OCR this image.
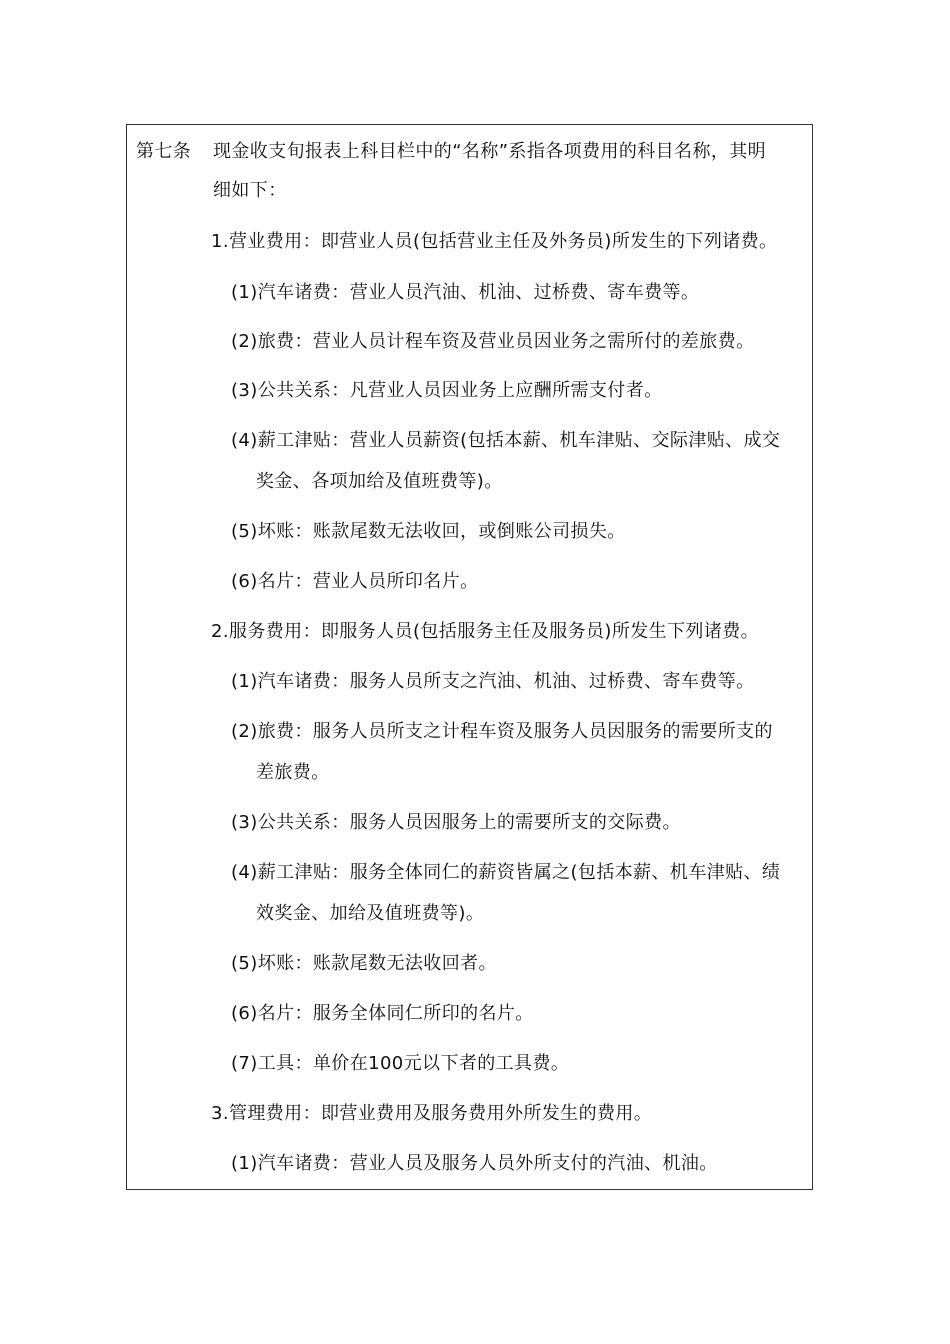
第七条 现金收支旬报表上科目栏中的“名称”系指各项费用的科目名称，其明
细如下：
1.营业费用：即营业人员(包括营业主任及外务员)所发生的下列诸费。
(1)汽车诸费：营业人员汽油、机油、过桥费、寄车费等。
(2)旅费：营业人员计程车资及营业员因业务之需所付的差旅费。
(3)公共关系：凡营业人员因业务上应酬所需支付者。
(4)薪工津贴：营业人员薪资(包括本薪、机车津贴、交际津贴、成交
奖金、各项加给及值班费等)。
(5)坏账：账款尾数无法收回，或倒账公司损失。
(6)名片：营业人员所印名片。
2.服务费用：即服务人员(包括服务主任及服务员)所发生下列诸费。
(1)汽车诸费：服务人员所支之汽油、机油、过桥费、寄车费等。
(2)旅费：服务人员所支之计程车资及服务人员因服务的需要所支的
差旅费。
(3)公共关系：服务人员因服务上的需要所支的交际费。
(4)薪工津贴：服务全体同仁的薪资皆属之(包括本薪、机车津贴、绩
效奖金、加给及值班费等)。
(5)坏账：账款尾数无法收回者。
(6)名片：服务全体同仁所印的名片。
(7)工具：单价在100元以下者的工具费。
3.管理费用：即营业费用及服务费用外所发生的费用。
(1)汽车诸费：营业人员及服务人员外所支付的汽油、机油。
